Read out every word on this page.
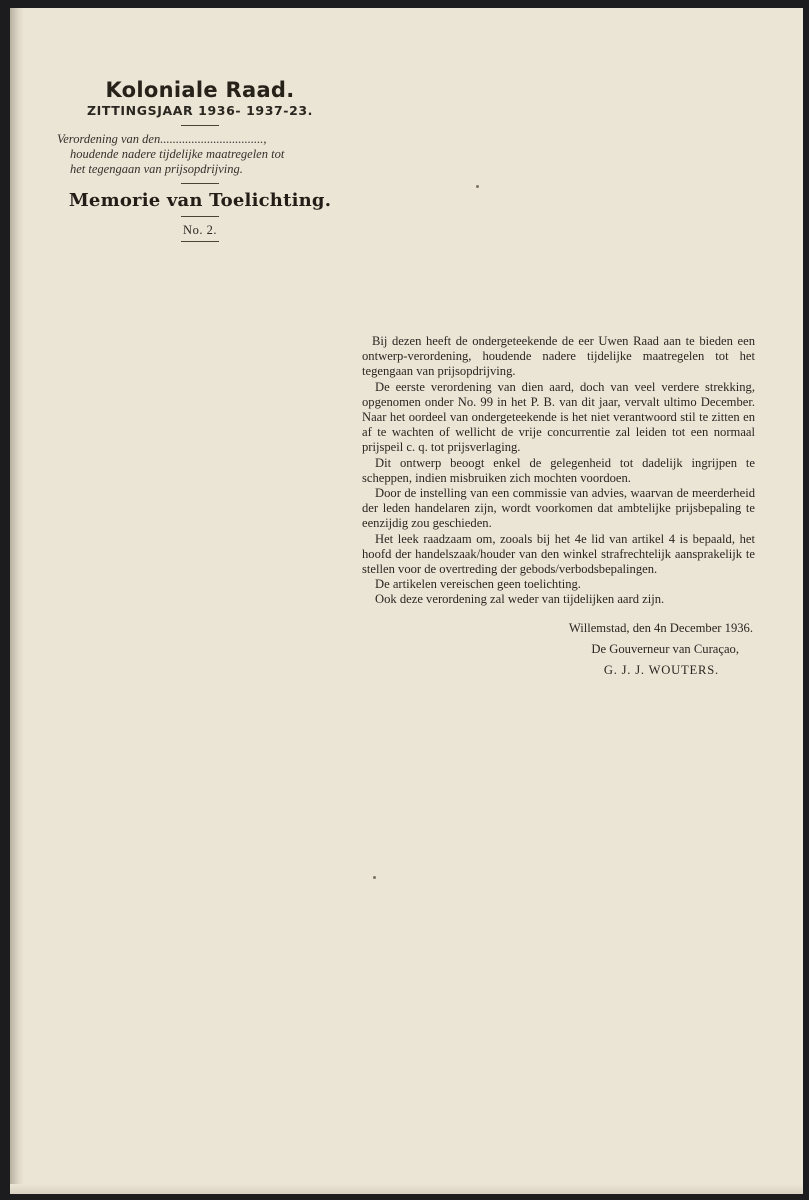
Koloniale Raad.
ZITTINGSJAAR 1936- 1937-23.
Verordening van den.................................,
houdende nadere tijdelijke maatregelen tot
het tegengaan van prijsopdrijving.
Memorie van Toelichting.
No. 2.

Bij dezen heeft de ondergeteekende de eer Uwen Raad aan te bieden een ontwerp-verordening, houdende nadere tijdelijke maatregelen tot het tegengaan van prijsopdrijving.

De eerste verordening van dien aard, doch van veel verdere strekking, opgenomen onder No. 99 in het P. B. van dit jaar, vervalt ultimo December. Naar het oordeel van ondergeteekende is het niet verantwoord stil te zitten en af te wachten of wellicht de vrije concurrentie zal leiden tot een normaal prijspeil c. q. tot prijsverlaging.

Dit ontwerp beoogt enkel de gelegenheid tot dadelijk ingrijpen te scheppen, indien misbruiken zich mochten voordoen.

Door de instelling van een commissie van advies, waarvan de meerderheid der leden handelaren zijn, wordt voorkomen dat ambtelijke prijsbepaling te eenzijdig zou geschieden.

Het leek raadzaam om, zooals bij het 4e lid van artikel 4 is bepaald, het hoofd der handelszaak/houder van den winkel strafrechtelijk aansprakelijk te stellen voor de overtreding der gebods/verbodsbepalingen.

De artikelen vereischen geen toelichting.

Ook deze verordening zal weder van tijdelijken aard zijn.

Willemstad, den 4n December 1936.
De Gouverneur van Curaçao,
G. J. J. WOUTERS.
